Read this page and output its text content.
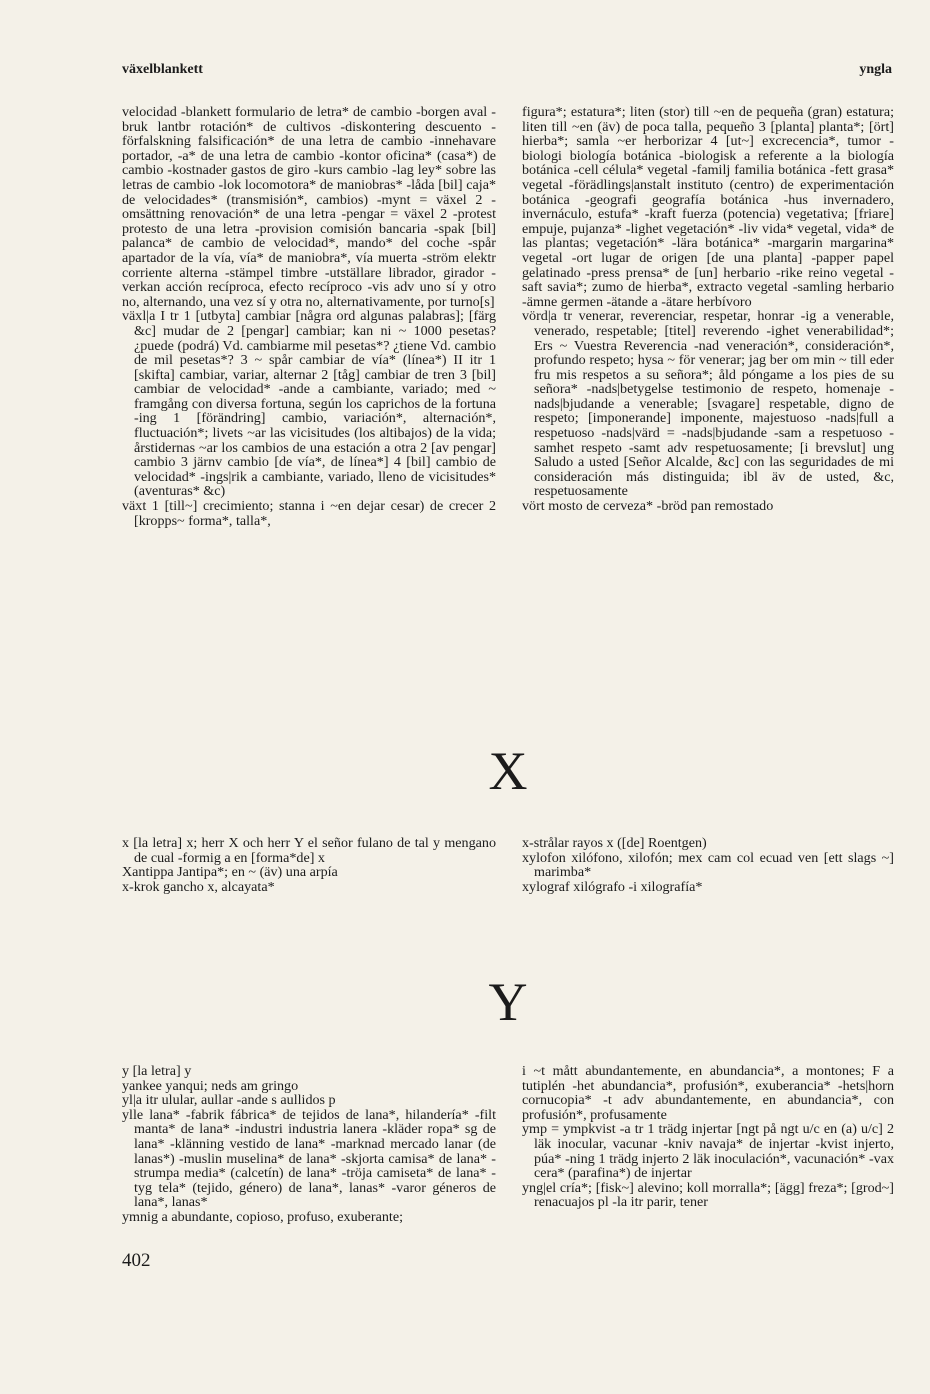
växelblankett	yngla

velocidad -blankett formulario de letra* de cambio -borgen aval -bruk lantbr rotación* de cultivos -diskontering descuento -förfalskning falsificación* de una letra de cambio -innehavare portador, -a* de una letra de cambio -kontor oficina* (casa*) de cambio -kostnader gastos de giro -kurs cambio -lag ley* sobre las letras de cambio -lok locomotora* de maniobras* -låda [bil] caja* de velocidades* (transmisión*, cambios) -mynt = växel 2 -omsättning renovación* de una letra -pengar = växel 2 -protest protesto de una letra -provision comisión bancaria -spak [bil] palanca* de cambio de velocidad*, mando* del coche -spår apartador de la vía, vía* de maniobra*, vía muerta -ström elektr corriente alterna -stämpel timbre -utställare librador, girador -verkan acción recíproca, efecto recíproco -vis adv uno sí y otro no, alternando, una vez sí y otra no, alternativamente, por turno[s]

växl|a I tr 1 [utbyta] cambiar [några ord algunas palabras]; [färg &c] mudar de 2 [pengar] cambiar; kan ni ~ 1000 pesetas? ¿puede (podrá) Vd. cambiarme mil pesetas*? ¿tiene Vd. cambio de mil pesetas*? 3 ~ spår cambiar de vía* (línea*) II itr 1 [skifta] cambiar, variar, alternar 2 [tåg] cambiar de tren 3 [bil] cambiar de velocidad* -ande a cambiante, variado; med ~ framgång con diversa fortuna, según los caprichos de la fortuna -ing 1 [förändring] cambio, variación*, alternación*, fluctuación*; livets ~ar las vicisitudes (los altibajos) de la vida; årstidernas ~ar los cambios de una estación a otra 2 [av pengar] cambio 3 järnv cambio [de vía*, de línea*] 4 [bil] cambio de velocidad* -ings|rik a cambiante, variado, lleno de vicisitudes* (aventuras* &c)

växt 1 [till~] crecimiento; stanna i ~en dejar cesar) de crecer 2 [kropps~ forma*, talla*,

figura*; estatura*; liten (stor) till ~en de pequeña (gran) estatura; liten till ~en (äv) de poca talla, pequeño 3 [planta] planta*; [ört] hierba*; samla ~er herborizar 4 [ut~] excrecencia*, tumor -biologi biología botánica -biologisk a referente a la biología botánica -cell célula* vegetal -familj familia botánica -fett grasa* vegetal -förädlings|anstalt instituto (centro) de experimentación botánica -geografi geografía botánica -hus invernadero, invernáculo, estufa* -kraft fuerza (potencia) vegetativa; [friare] empuje, pujanza* -lighet vegetación* -liv vida* vegetal, vida* de las plantas; vegetación* -lära botánica* -margarin margarina* vegetal -ort lugar de origen [de una planta] -papper papel gelatinado -press prensa* de [un] herbario -rike reino vegetal -saft savia*; zumo de hierba*, extracto vegetal -samling herbario -ämne germen -ätande a -ätare herbívoro

vörd|a tr venerar, reverenciar, respetar, honrar -ig a venerable, venerado, respetable; [titel] reverendo -ighet venerabilidad*; Ers ~ Vuestra Reverencia -nad veneración*, consideración*, profundo respeto; hysa ~ för venerar; jag ber om min ~ till eder fru mis respetos a su señora*; åld póngame a los pies de su señora* -nads|betygelse testimonio de respeto, homenaje -nads|bjudande a venerable; [svagare] respetable, digno de respeto; [imponerande] imponente, majestuoso -nads|full a respetuoso -nads|värd = -nads|bjudande -sam a respetuoso -samhet respeto -samt adv respetuosamente; [i brevslut] ung Saludo a usted [Señor Alcalde, &c] con las seguridades de mi consideración más distinguida; ibl äv de usted, &c, respetuosamente

vört mosto de cerveza* -bröd pan remostado

X

x [la letra] x; herr X och herr Y el señor fulano de tal y mengano de cual -formig a en [forma*de] x

Xantippa Jantipa*; en ~ (äv) una arpía

x-krok gancho x, alcayata*

x-strålar rayos x ([de] Roentgen)

xylofon xilófono, xilofón; mex cam col ecuad ven [ett slags ~] marimba*

xylograf xilógrafo -i xilografía*

Y

y [la letra] y

yankee yanqui; neds am gringo

yl|a itr ulular, aullar -ande s aullidos p

ylle lana* -fabrik fábrica* de tejidos de lana*, hilandería* -filt manta* de lana* -industri industria lanera -kläder ropa* sg de lana* -klänning vestido de lana* -marknad mercado lanar (de lanas*) -muslin muselina* de lana* -skjorta camisa* de lana* -strumpa media* (calcetín) de lana* -tröja camiseta* de lana* -tyg tela* (tejido, género) de lana*, lanas* -varor géneros de lana*, lanas*

ymnig a abundante, copioso, profuso, exuberante;

i ~t mått abundantemente, en abundancia*, a montones; F a tutiplén -het abundancia*, profusión*, exuberancia* -hets|horn cornucopia* -t adv abundantemente, en abundancia*, con profusión*, profusamente

ymp = ympkvist -a tr 1 trädg injertar [ngt på ngt u/c en (a) u/c] 2 läk inocular, vacunar -kniv navaja* de injertar -kvist injerto, púa* -ning 1 trädg injerto 2 läk inoculación*, vacunación* -vax cera* (parafina*) de injertar

yng|el cría*; [fisk~] alevino; koll morralla*; [ägg] freza*; [grod~] renacuajos pl -la itr parir, tener

402
